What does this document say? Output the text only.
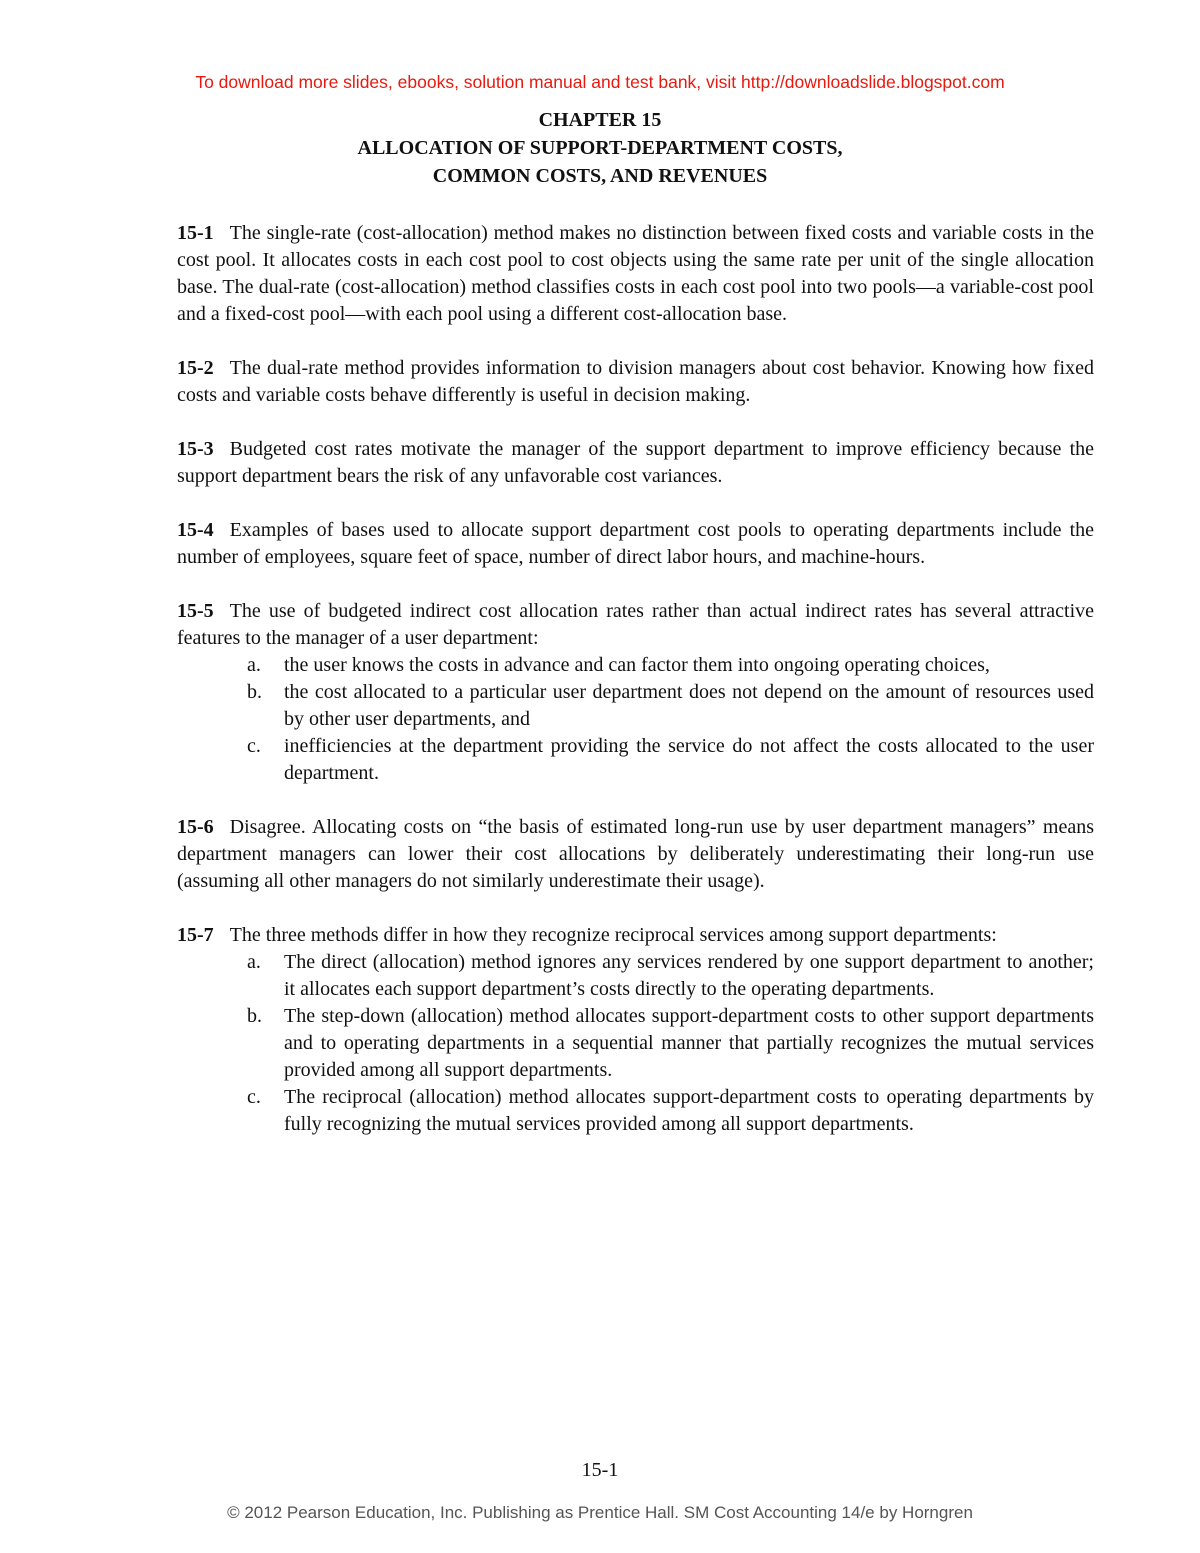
To download more slides, ebooks, solution manual and test bank, visit http://downloadslide.blogspot.com
CHAPTER 15
ALLOCATION OF SUPPORT-DEPARTMENT COSTS,
COMMON COSTS, AND REVENUES
15-1 The single-rate (cost-allocation) method makes no distinction between fixed costs and variable costs in the cost pool. It allocates costs in each cost pool to cost objects using the same rate per unit of the single allocation base. The dual-rate (cost-allocation) method classifies costs in each cost pool into two pools—a variable-cost pool and a fixed-cost pool—with each pool using a different cost-allocation base.
15-2 The dual-rate method provides information to division managers about cost behavior. Knowing how fixed costs and variable costs behave differently is useful in decision making.
15-3 Budgeted cost rates motivate the manager of the support department to improve efficiency because the support department bears the risk of any unfavorable cost variances.
15-4 Examples of bases used to allocate support department cost pools to operating departments include the number of employees, square feet of space, number of direct labor hours, and machine-hours.
15-5 The use of budgeted indirect cost allocation rates rather than actual indirect rates has several attractive features to the manager of a user department:
a. the user knows the costs in advance and can factor them into ongoing operating choices,
b. the cost allocated to a particular user department does not depend on the amount of resources used by other user departments, and
c. inefficiencies at the department providing the service do not affect the costs allocated to the user department.
15-6 Disagree. Allocating costs on “the basis of estimated long-run use by user department managers” means department managers can lower their cost allocations by deliberately underestimating their long-run use (assuming all other managers do not similarly underestimate their usage).
15-7 The three methods differ in how they recognize reciprocal services among support departments:
a. The direct (allocation) method ignores any services rendered by one support department to another; it allocates each support department’s costs directly to the operating departments.
b. The step-down (allocation) method allocates support-department costs to other support departments and to operating departments in a sequential manner that partially recognizes the mutual services provided among all support departments.
c. The reciprocal (allocation) method allocates support-department costs to operating departments by fully recognizing the mutual services provided among all support departments.
15-1
© 2012 Pearson Education, Inc. Publishing as Prentice Hall. SM Cost Accounting 14/e by Horngren
